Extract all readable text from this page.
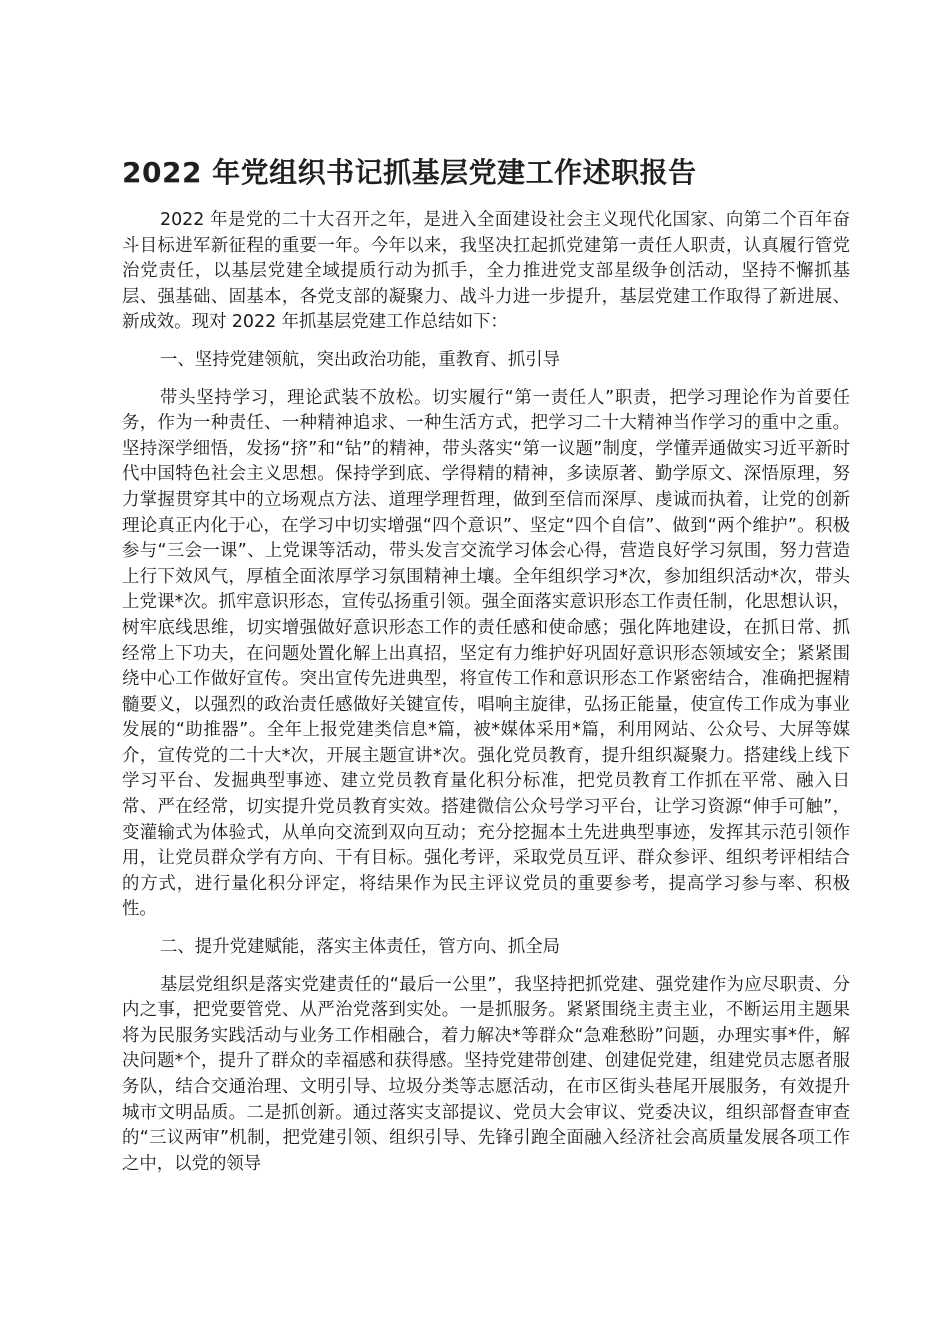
2022 年党组织书记抓基层党建工作述职报告

2022 年是党的二十大召开之年，是进入全面建设社会主义现代化国家、向第二个百年奋斗目标进军新征程的重要一年。今年以来，我坚决扛起抓党建第一责任人职责，认真履行管党治党责任，以基层党建全域提质行动为抓手，全力推进党支部星级争创活动，坚持不懈抓基层、强基础、固基本，各党支部的凝聚力、战斗力进一步提升，基层党建工作取得了新进展、新成效。现对 2022 年抓基层党建工作总结如下：

一、坚持党建领航，突出政治功能，重教育、抓引导

带头坚持学习，理论武装不放松。切实履行“第一责任人”职责，把学习理论作为首要任务，作为一种责任、一种精神追求、一种生活方式，把学习二十大精神当作学习的重中之重。坚持深学细悟，发扬“挤”和“钻”的精神，带头落实“第一议题”制度，学懂弄通做实习近平新时代中国特色社会主义思想。保持学到底、学得精的精神，多读原著、勤学原文、深悟原理，努力掌握贯穿其中的立场观点方法、道理学理哲理，做到至信而深厚、虔诚而执着，让党的创新理论真正内化于心，在学习中切实增强“四个意识”、坚定“四个自信”、做到“两个维护”。积极参与“三会一课”、上党课等活动，带头发言交流学习体会心得，营造良好学习氛围，努力营造上行下效风气，厚植全面浓厚学习氛围精神土壤。全年组织学习*次，参加组织活动*次，带头上党课*次。抓牢意识形态，宣传弘扬重引领。强全面落实意识形态工作责任制，化思想认识，树牢底线思维，切实增强做好意识形态工作的责任感和使命感；强化阵地建设，在抓日常、抓经常上下功夫，在问题处置化解上出真招，坚定有力维护好巩固好意识形态领域安全；紧紧围绕中心工作做好宣传。突出宣传先进典型，将宣传工作和意识形态工作紧密结合，准确把握精髓要义，以强烈的政治责任感做好关键宣传，唱响主旋律，弘扬正能量，使宣传工作成为事业发展的“助推器”。全年上报党建类信息*篇，被*媒体采用*篇，利用网站、公众号、大屏等媒介，宣传党的二十大*次，开展主题宣讲*次。强化党员教育，提升组织凝聚力。搭建线上线下学习平台、发掘典型事迹、建立党员教育量化积分标准，把党员教育工作抓在平常、融入日常、严在经常，切实提升党员教育实效。搭建微信公众号学习平台，让学习资源“伸手可触”，变灌输式为体验式，从单向交流到双向互动；充分挖掘本土先进典型事迹，发挥其示范引领作用，让党员群众学有方向、干有目标。强化考评，采取党员互评、群众参评、组织考评相结合的方式，进行量化积分评定，将结果作为民主评议党员的重要参考，提高学习参与率、积极性。

二、提升党建赋能，落实主体责任，管方向、抓全局

基层党组织是落实党建责任的“最后一公里”，我坚持把抓党建、强党建作为应尽职责、分内之事，把党要管党、从严治党落到实处。一是抓服务。紧紧围绕主责主业，不断运用主题果将为民服务实践活动与业务工作相融合，着力解决*等群众“急难愁盼”问题，办理实事*件，解决问题*个，提升了群众的幸福感和获得感。坚持党建带创建、创建促党建，组建党员志愿者服务队，结合交通治理、文明引导、垃圾分类等志愿活动，在市区街头巷尾开展服务，有效提升城市文明品质。二是抓创新。通过落实支部提议、党员大会审议、党委决议，组织部督查审查的“三议两审”机制，把党建引领、组织引导、先锋引跑全面融入经济社会高质量发展各项工作之中，以党的领导
